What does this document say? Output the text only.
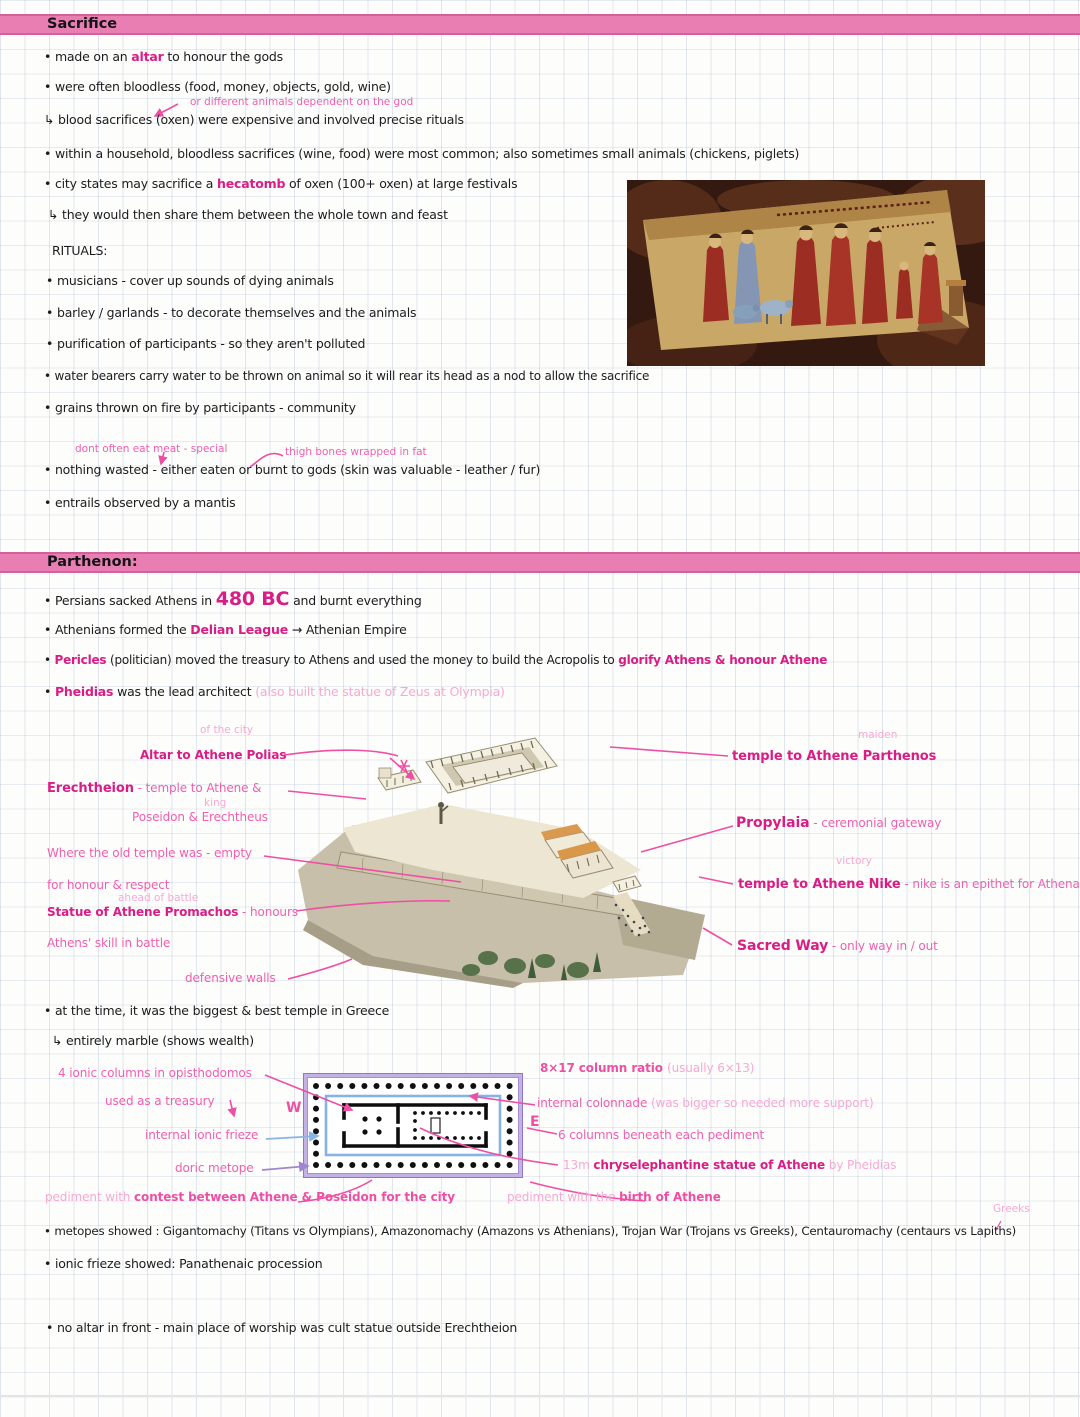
Sacrifice
Parthenon:
• made on an altar to honour the gods
• were often bloodless (food, money, objects, gold, wine)
or different animals dependent on the god
↳ blood sacrifices (oxen) were expensive and involved precise rituals
• within a household, bloodless sacrifices (wine, food) were most common; also sometimes small animals (chickens, piglets)
• city states may sacrifice a hecatomb of oxen (100+ oxen) at large festivals
↳ they would then share them between the whole town and feast
RITUALS:
• musicians - cover up sounds of dying animals
• barley / garlands - to decorate themselves and the animals
• purification of participants - so they aren't polluted
• water bearers carry water to be thrown on animal so it will rear its head as a nod to allow the sacrifice
• grains thrown on fire by participants - community
dont often eat meat - special	thigh bones wrapped in fat
• nothing wasted - either eaten or burnt to gods (skin was valuable - leather / fur)
• entrails observed by a mantis
• Persians sacked Athens in 480 BC and burnt everything
• Athenians formed the Delian League → Athenian Empire
• Pericles (politician) moved the treasury to Athens and used the money to build the Acropolis to glorify Athens & honour Athene
• Pheidias was the lead architect (also built the statue of Zeus at Olympia)
of the city
Altar to Athene Polias
Erechtheion - temple to Athene &
king
Poseidon & Erechtheus
Where the old temple was - empty
for honour & respect
ahead of battle
Statue of Athene Promachos - honours
Athens' skill in battle
defensive walls
maiden
temple to Athene Parthenos
Propylaia - ceremonial gateway
victory
temple to Athene Nike - nike is an epithet for Athena
Sacred Way - only way in / out
• at the time, it was the biggest & best temple in Greece
↳ entirely marble (shows wealth)
4 ionic columns in opisthodomos
used as a treasury
internal ionic frieze
doric metope
W
E
8×17 column ratio (usually 6×13)
internal colonnade (was bigger so needed more support)
6 columns beneath each pediment
13m chryselephantine statue of Athene by Pheidias
pediment with contest between Athene & Poseidon for the city	pediment with the birth of Athene
Greeks
• metopes showed : Gigantomachy (Titans vs Olympians), Amazonomachy (Amazons vs Athenians), Trojan War (Trojans vs Greeks), Centauromachy (centaurs vs Lapiths)
• ionic frieze showed: Panathenaic procession
• no altar in front - main place of worship was cult statue outside Erechtheion
